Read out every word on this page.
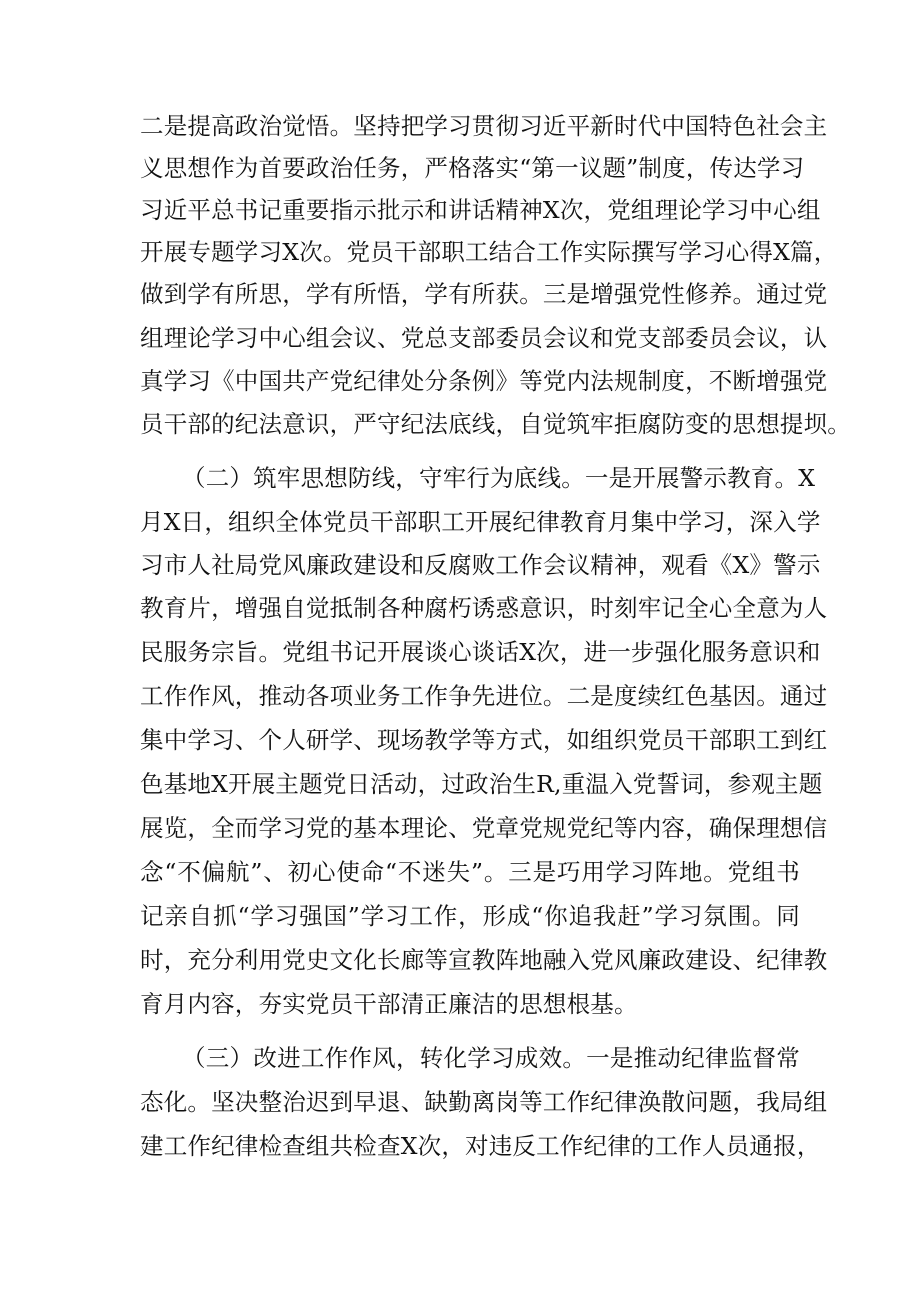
二是提高政治觉悟。坚持把学习贯彻习近平新时代中国特色社会主
义思想作为首要政治任务，严格落实“第一议题”制度，传达学习
习近平总书记重要指示批示和讲话精神X次，党组理论学习中心组
开展专题学习X次。党员干部职工结合工作实际撰写学习心得X篇，
做到学有所思，学有所悟，学有所获。三是增强党性修养。通过党
组理论学习中心组会议、党总支部委员会议和党支部委员会议，认
真学习《中国共产党纪律处分条例》等党内法规制度，不断增强党
员干部的纪法意识，严守纪法底线，自觉筑牢拒腐防变的思想提坝。
（二）筑牢思想防线，守牢行为底线。一是开展警示教育。X
月X日，组织全体党员干部职工开展纪律教育月集中学习，深入学
习市人社局党风廉政建设和反腐败工作会议精神，观看《X》警示
教育片，增强自觉抵制各种腐朽诱惑意识，时刻牢记全心全意为人
民服务宗旨。党组书记开展谈心谈话X次，进一步强化服务意识和
工作作风，推动各项业务工作争先进位。二是度续红色基因。通过
集中学习、个人研学、现场教学等方式，如组织党员干部职工到红
色基地X开展主题党日活动，过政治生R,重温入党誓词，参观主题
展览，全而学习党的基本理论、党章党规党纪等内容，确保理想信
念“不偏航”、初心使命“不迷失”。三是巧用学习阵地。党组书
记亲自抓“学习强国”学习工作，形成“你追我赶”学习氛围。同
时，充分利用党史文化长廊等宣教阵地融入党风廉政建设、纪律教
育月内容，夯实党员干部清正廉洁的思想根基。
（三）改进工作作风，转化学习成效。一是推动纪律监督常
态化。坚决整治迟到早退、缺勤离岗等工作纪律涣散问题，我局组
建工作纪律检查组共检查X次，对违反工作纪律的工作人员通报，
